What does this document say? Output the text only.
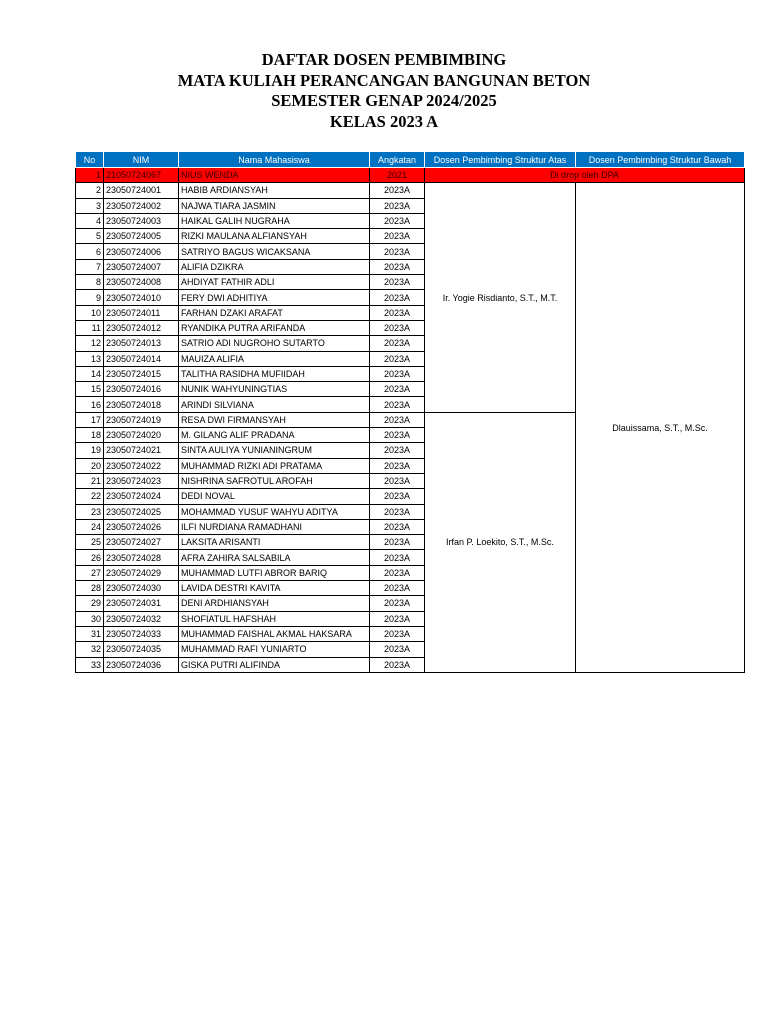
DAFTAR DOSEN PEMBIMBING
MATA KULIAH PERANCANGAN BANGUNAN BETON
SEMESTER GENAP 2024/2025
KELAS 2023 A
No	NIM	Nama Mahasiswa	Angkatan	Dosen Pembimbing Struktur Atas	Dosen Pembimbing Struktur Bawah
1	21050724067	NIUS WENDA	2021	Di drop oleh DPA	
2	23050724001	HABIB ARDIANSYAH	2023A	Ir. Yogie Risdianto, S.T., M.T.	Dlauissama, S.T., M.Sc.
3	23050724002	NAJWA TIARA JASMIN	2023A		
4	23050724003	HAIKAL GALIH NUGRAHA	2023A		
5	23050724005	RIZKI MAULANA ALFIANSYAH	2023A		
6	23050724006	SATRIYO BAGUS WICAKSANA	2023A		
7	23050724007	ALIFIA DZIKRA	2023A		
8	23050724008	AHDIYAT FATHIR ADLI	2023A		
9	23050724010	FERY DWI ADHITIYA	2023A		
10	23050724011	FARHAN DZAKI ARAFAT	2023A		
11	23050724012	RYANDIKA PUTRA ARIFANDA	2023A		
12	23050724013	SATRIO ADI NUGROHO SUTARTO	2023A		
13	23050724014	MAUIZA ALIFIA	2023A		
14	23050724015	TALITHA RASIDHA MUFIIDAH	2023A		
15	23050724016	NUNIK WAHYUNINGTIAS	2023A		
16	23050724018	ARINDI SILVIANA	2023A		
17	23050724019	RESA DWI FIRMANSYAH	2023A	Irfan P. Loekito, S.T., M.Sc.	
18	23050724020	M. GILANG ALIF PRADANA	2023A		
19	23050724021	SINTA AULIYA YUNIANINGRUM	2023A		
20	23050724022	MUHAMMAD RIZKI ADI PRATAMA	2023A		
21	23050724023	NISHRINA SAFROTUL AROFAH	2023A		
22	23050724024	DEDI NOVAL	2023A		
23	23050724025	MOHAMMAD YUSUF WAHYU ADITYA	2023A		
24	23050724026	ILFI NURDIANA RAMADHANI	2023A		
25	23050724027	LAKSITA ARISANTI	2023A		
26	23050724028	AFRA ZAHIRA SALSABILA	2023A		
27	23050724029	MUHAMMAD LUTFI ABROR BARIQ	2023A		
28	23050724030	LAVIDA DESTRI KAVITA	2023A		
29	23050724031	DENI ARDHIANSYAH	2023A		
30	23050724032	SHOFIATUL HAFSHAH	2023A		
31	23050724033	MUHAMMAD FAISHAL AKMAL HAKSARA	2023A		
32	23050724035	MUHAMMAD RAFI YUNIARTO	2023A		
33	23050724036	GISKA PUTRI ALIFINDA	2023A		
